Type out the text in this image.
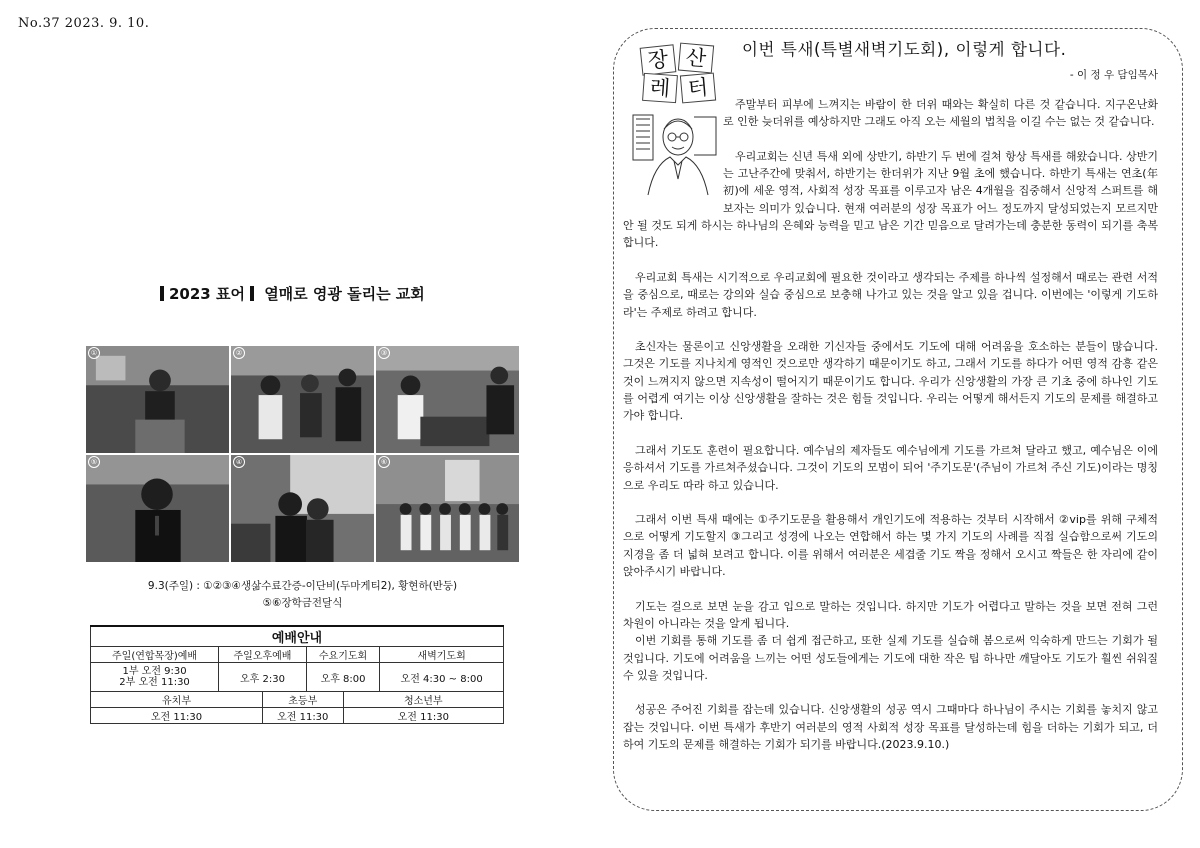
No.37 2023. 9. 10.
2023 표어 열매로 영광 돌리는 교회
①	②	③
⑤	④	⑥
9.3(주일) : ①②③④생삶수료간증-이단비(두마게티2), 황현하(반둥)
⑤⑥장학금전달식
예배안내					
주일(연합목장)예배	주일오후예배		수요기도회		새벽기도회

1부 오전 9:30
2부 오전 11:30	오후 2:30		오후 8:00		오전 4:30 ~ 8:00
유치부		초등부		청소년부	
오전 11:30		오전 11:30		오전 11:30	
장 산
레 터
이번 특새(특별새벽기도회), 이렇게 합니다.
- 이 정 우 담임목사

주말부터 피부에 느껴지는 바람이 한 더위 때와는 확실히 다른 것 같습니다. 지구온난화로 인한 늦더위를 예상하지만 그래도 아직 오는 세월의 법칙을 이길 수는 없는 것 같습니다.

우리교회는 신년 특새 외에 상반기, 하반기 두 번에 걸쳐 항상 특새를 해왔습니다. 상반기는 고난주간에 맞춰서, 하반기는 한더위가 지난 9월 초에 했습니다. 하반기 특새는 연초(年初)에 세운 영적, 사회적 성장 목표를 이루고자 남은 4개월을 집중해서 신앙적 스퍼트를 해 보자는 의미가 있습니다. 현재 여러분의 성장 목표가 어느 정도까지 달성되었는지 모르지만 안 될 것도 되게 하시는 하나님의 은혜와 능력을 믿고 남은 기간 믿음으로 달려가는데 충분한 동력이 되기를 축복합니다.

우리교회 특새는 시기적으로 우리교회에 필요한 것이라고 생각되는 주제를 하나씩 설정해서 때로는 관련 서적을 중심으로, 때로는 강의와 실습 중심으로 보충해 나가고 있는 것을 알고 있을 겁니다. 이번에는 '이렇게 기도하라'는 주제로 하려고 합니다.

초신자는 물론이고 신앙생활을 오래한 기신자들 중에서도 기도에 대해 어려움을 호소하는 분들이 많습니다. 그것은 기도를 지나치게 영적인 것으로만 생각하기 때문이기도 하고, 그래서 기도를 하다가 어떤 영적 감흥 같은 것이 느껴지지 않으면 지속성이 떨어지기 때문이기도 합니다. 우리가 신앙생활의 가장 큰 기초 중에 하나인 기도를 어렵게 여기는 이상 신앙생활을 잘하는 것은 힘들 것입니다. 우리는 어떻게 해서든지 기도의 문제를 해결하고 가야 합니다.

그래서 기도도 훈련이 필요합니다. 예수님의 제자들도 예수님에게 기도를 가르쳐 달라고 했고, 예수님은 이에 응하셔서 기도를 가르쳐주셨습니다. 그것이 기도의 모범이 되어 '주기도문'(주님이 가르쳐 주신 기도)이라는 명칭으로 우리도 따라 하고 있습니다.

그래서 이번 특새 때에는 ①주기도문을 활용해서 개인기도에 적용하는 것부터 시작해서 ②vip를 위해 구체적으로 어떻게 기도할지 ③그리고 성경에 나오는 연합해서 하는 몇 가지 기도의 사례를 직접 실습함으로써 기도의 지경을 좀 더 넓혀 보려고 합니다. 이를 위해서 여러분은 세겹줄 기도 짝을 정해서 오시고 짝들은 한 자리에 같이 앉아주시기 바랍니다.

기도는 걸으로 보면 눈을 감고 입으로 말하는 것입니다. 하지만 기도가 어렵다고 말하는 것을 보면 전혀 그런 차원이 아니라는 것을 알게 됩니다.

이번 기회를 통해 기도를 좀 더 쉽게 접근하고, 또한 실제 기도를 실습해 봄으로써 익숙하게 만드는 기회가 될 것입니다. 기도에 어려움을 느끼는 어떤 성도들에게는 기도에 대한 작은 팁 하나만 깨달아도 기도가 훨씬 쉬워질 수 있을 것입니다.

성공은 주어진 기회를 잡는데 있습니다. 신앙생활의 성공 역시 그때마다 하나님이 주시는 기회를 놓치지 않고 잡는 것입니다. 이번 특새가 후반기 여러분의 영적 사회적 성장 목표를 달성하는데 힘을 더하는 기회가 되고, 더하여 기도의 문제를 해결하는 기회가 되기를 바랍니다.(2023.9.10.)
